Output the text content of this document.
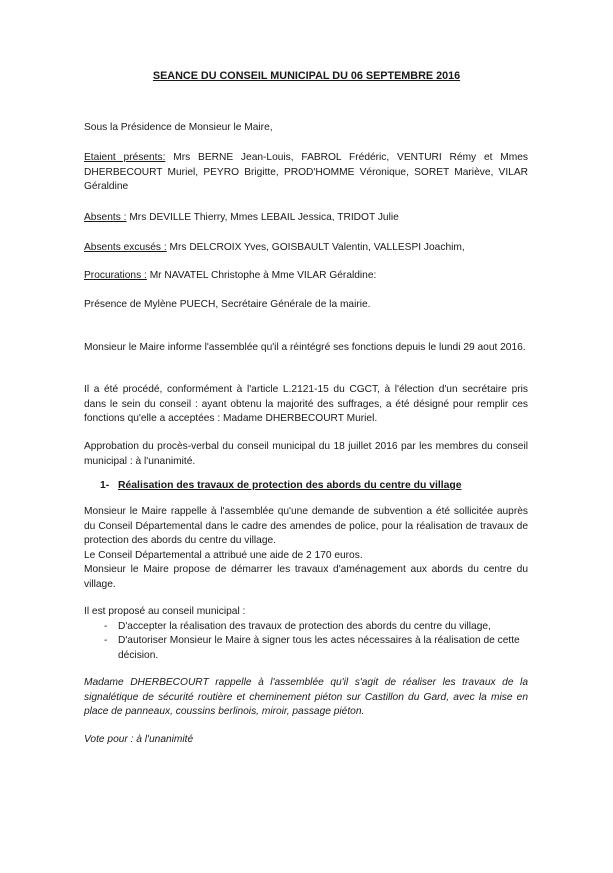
SEANCE DU CONSEIL MUNICIPAL DU 06 SEPTEMBRE 2016
Sous la Présidence de Monsieur le Maire,
Etaient présents: Mrs BERNE Jean-Louis, FABROL Frédéric, VENTURI Rémy et Mmes DHERBECOURT Muriel, PEYRO Brigitte, PROD'HOMME Véronique, SORET Mariève, VILAR Géraldine
Absents : Mrs DEVILLE Thierry, Mmes LEBAIL Jessica, TRIDOT Julie
Absents excusés : Mrs DELCROIX Yves, GOISBAULT Valentin, VALLESPI Joachim,
Procurations : Mr NAVATEL Christophe à Mme VILAR Géraldine:
Présence de Mylène PUECH, Secrétaire Générale de la mairie.
Monsieur le Maire informe l'assemblée qu'il a réintégré ses fonctions depuis le lundi 29 aout 2016.
Il a été procédé, conformément à l'article L.2121-15 du CGCT, à l'élection d'un secrétaire pris dans le sein du conseil : ayant obtenu la majorité des suffrages, a été désigné pour remplir ces fonctions qu'elle a acceptées : Madame DHERBECOURT Muriel.
Approbation du procès-verbal du conseil municipal du 18 juillet 2016 par les membres du conseil municipal : à l'unanimité.
1- Réalisation des travaux de protection des abords du centre du village
Monsieur le Maire rappelle à l'assemblée qu'une demande de subvention a été sollicitée auprès du Conseil Départemental dans le cadre des amendes de police, pour la réalisation de travaux de protection des abords du centre du village.
Le Conseil Départemental a attribué une aide de 2 170 euros.
Monsieur le Maire propose de démarrer les travaux d'aménagement aux abords du centre du village.
Il est proposé au conseil municipal :
- D'accepter la réalisation des travaux de protection des abords du centre du village,
- D'autoriser Monsieur le Maire à signer tous les actes nécessaires à la réalisation de cette décision.
Madame DHERBECOURT rappelle à l'assemblée qu'il s'agit de réaliser les travaux de la signalétique de sécurité routière et cheminement piéton sur Castillon du Gard, avec la mise en place de panneaux, coussins berlinois, miroir, passage piéton.
Vote pour : à l'unanimité
